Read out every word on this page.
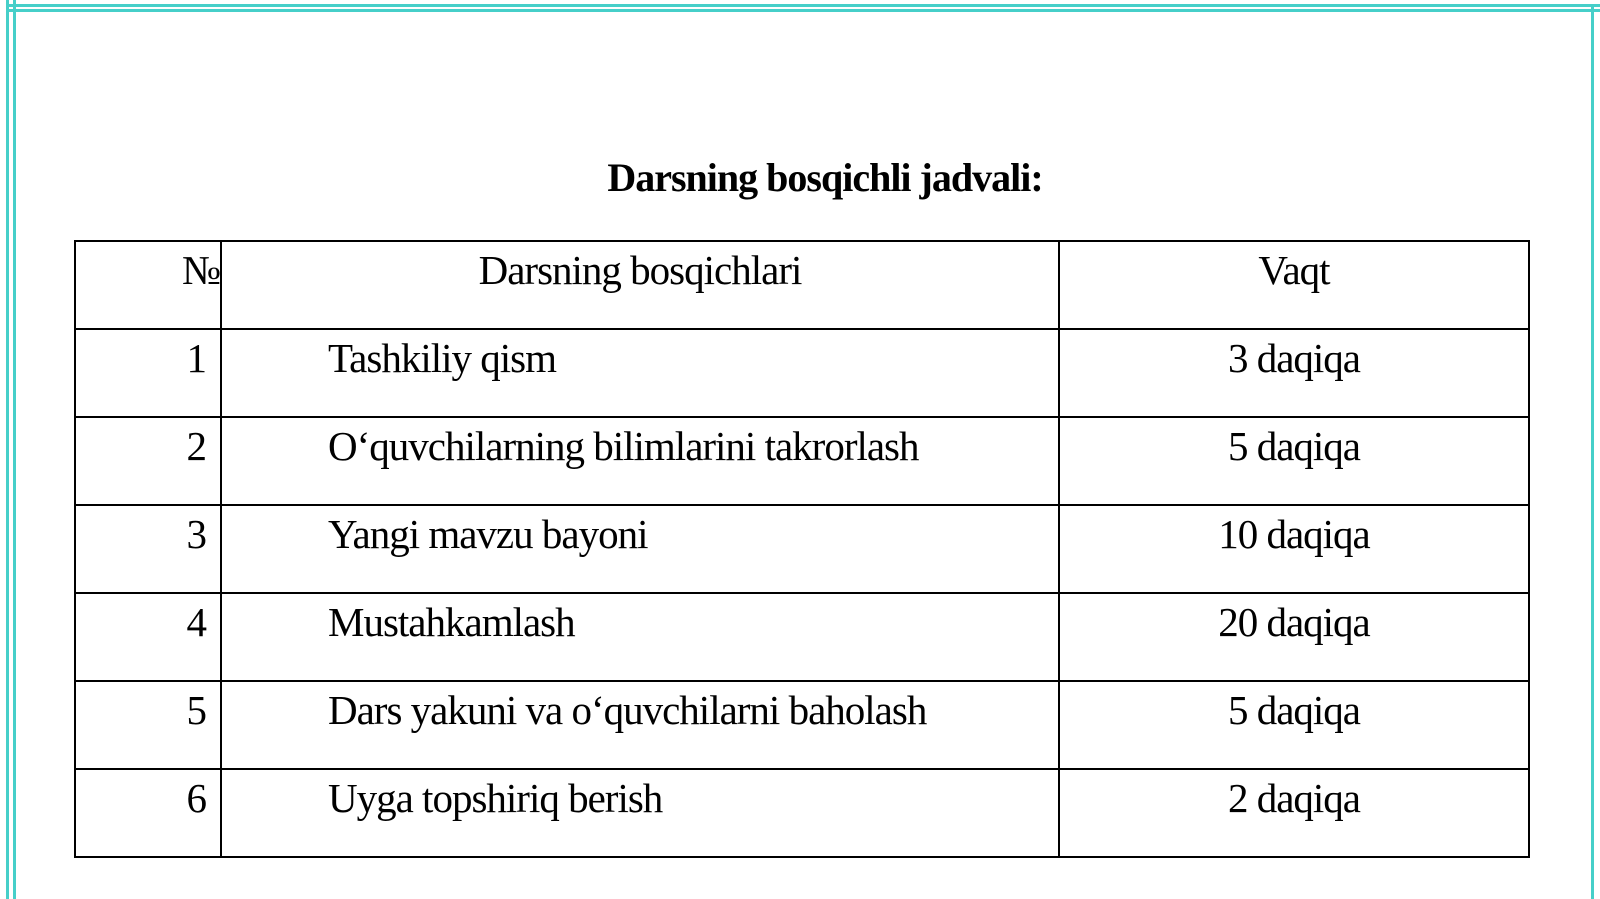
Darsning bosqichli jadvali:
№	Darsning bosqichlari	Vaqt
1	Tashkiliy qism	3 daqiqa
2	O‘quvchilarning bilimlarini takrorlash	5 daqiqa
3	Yangi mavzu bayoni	10 daqiqa
4	Mustahkamlash	20 daqiqa
5	Dars yakuni va o‘quvchilarni baholash	5 daqiqa
6	Uyga topshiriq berish	2 daqiqa
